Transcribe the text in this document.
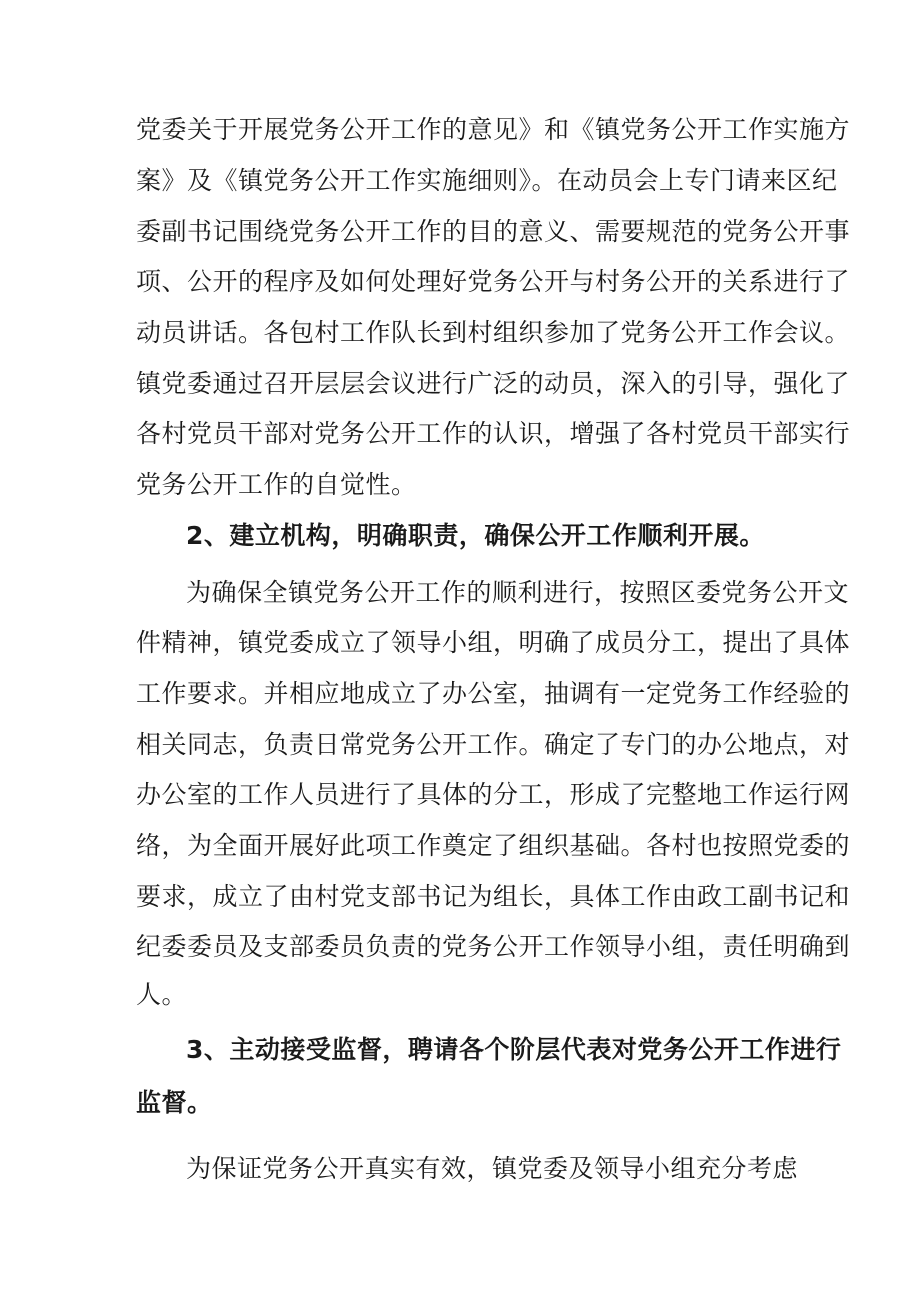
党委关于开展党务公开工作的意见》和《镇党务公开工作实施方
案》及《镇党务公开工作实施细则》。在动员会上专门请来区纪
委副书记围绕党务公开工作的目的意义、需要规范的党务公开事
项、公开的程序及如何处理好党务公开与村务公开的关系进行了
动员讲话。各包村工作队长到村组织参加了党务公开工作会议。
镇党委通过召开层层会议进行广泛的动员，深入的引导，强化了
各村党员干部对党务公开工作的认识，增强了各村党员干部实行
党务公开工作的自觉性。
2、建立机构，明确职责，确保公开工作顺利开展。
为确保全镇党务公开工作的顺利进行，按照区委党务公开文
件精神，镇党委成立了领导小组，明确了成员分工，提出了具体
工作要求。并相应地成立了办公室，抽调有一定党务工作经验的
相关同志，负责日常党务公开工作。确定了专门的办公地点，对
办公室的工作人员进行了具体的分工，形成了完整地工作运行网
络，为全面开展好此项工作奠定了组织基础。各村也按照党委的
要求，成立了由村党支部书记为组长，具体工作由政工副书记和
纪委委员及支部委员负责的党务公开工作领导小组，责任明确到
人。
3、主动接受监督，聘请各个阶层代表对党务公开工作进行
监督。
为保证党务公开真实有效，镇党委及领导小组充分考虑
